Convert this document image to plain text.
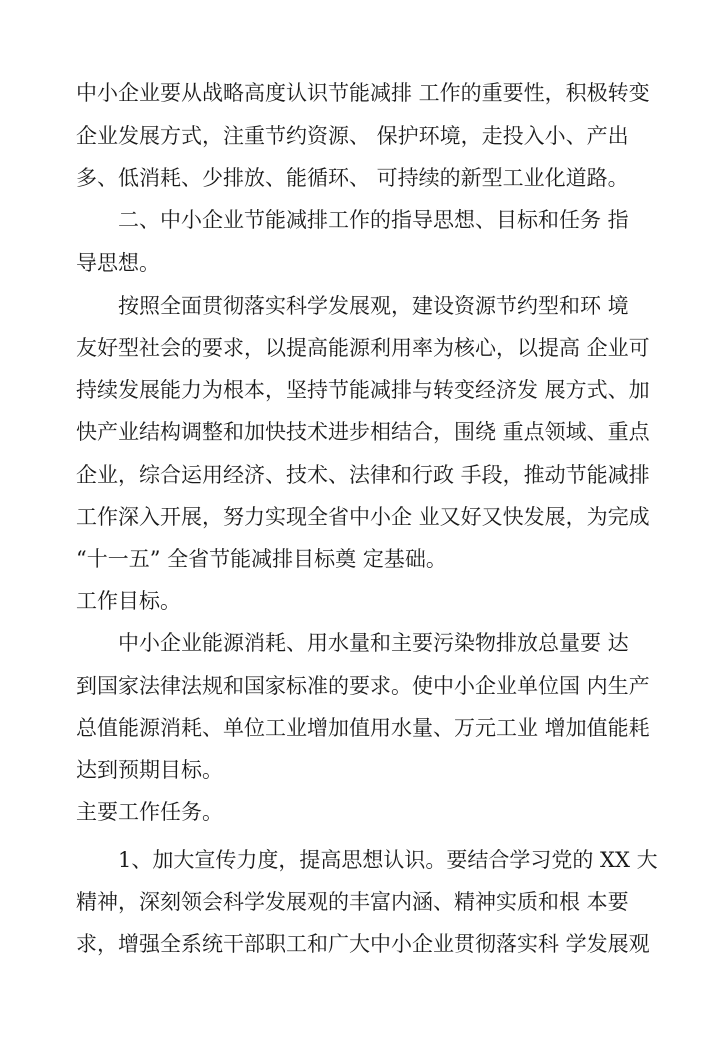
中小企业要从战略高度认识节能减排 工作的重要性，积极转变
企业发展方式，注重节约资源、 保护环境，走投入小、产出
多、低消耗、少排放、能循环、 可持续的新型工业化道路。
二、中小企业节能减排工作的指导思想、目标和任务 指
导思想。
按照全面贯彻落实科学发展观，建设资源节约型和环 境
友好型社会的要求，以提高能源利用率为核心，以提高 企业可
持续发展能力为根本，坚持节能减排与转变经济发 展方式、加
快产业结构调整和加快技术进步相结合，围绕 重点领域、重点
企业，综合运用经济、技术、法律和行政 手段，推动节能减排
工作深入开展，努力实现全省中小企 业又好又快发展，为完成
“十一五” 全省节能减排目标奠 定基础。
工作目标。
中小企业能源消耗、用水量和主要污染物排放总量要 达
到国家法律法规和国家标准的要求。使中小企业单位国 内生产
总值能源消耗、单位工业增加值用水量、万元工业 增加值能耗
达到预期目标。
主要工作任务。
1、加大宣传力度，提高思想认识。要结合学习党的 XX 大
精神，深刻领会科学发展观的丰富内涵、精神实质和根 本要
求，增强全系统干部职工和广大中小企业贯彻落实科 学发展观
